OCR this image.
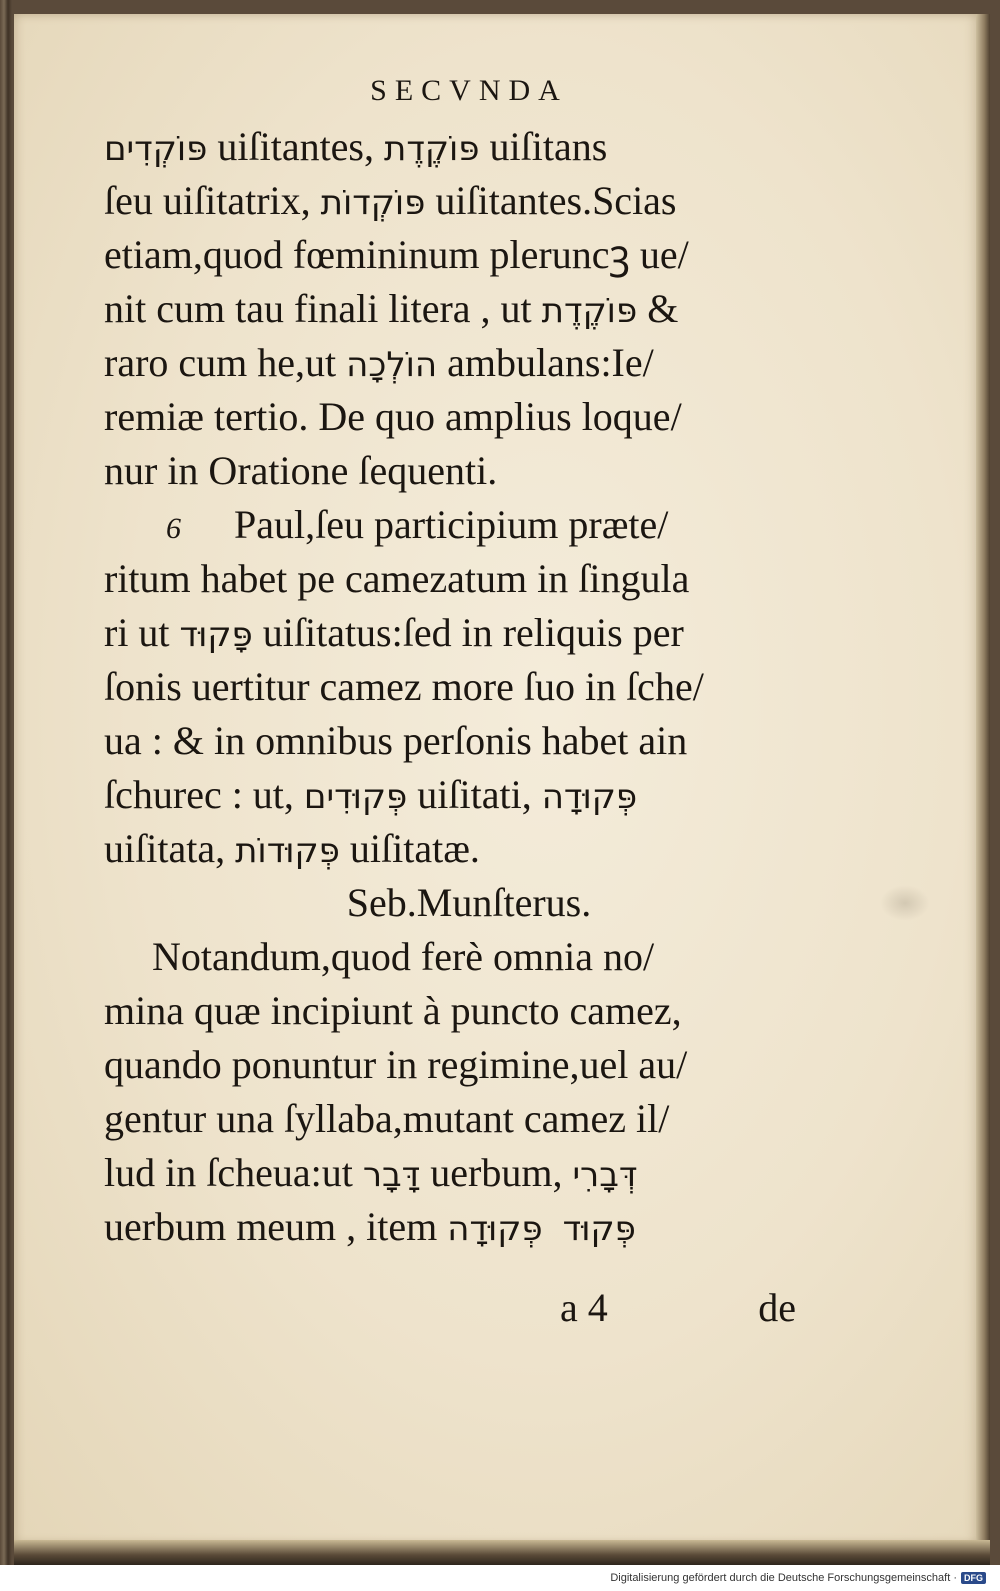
SECVNDA
פּוֹקְדִים uiſitantes, פּוֹקֶדֶת uiſitans
ſeu uiſitatrix, פּוֹקְדוֹת uiſitantes.Scias
etiam,quod fœmininum pleruncꝫ ue/
nit cum tau finali litera , ut פּוֹקֶדֶת &
raro cum he,ut הוֹלְכָה ambulans:Ie/
remiæ tertio. De quo amplius loque/
nur in Oratione ſequenti.
6 Paul,ſeu participium præte/
ritum habet pe camezatum in ſingula
ri ut פָּקוּד uiſitatus:ſed in reliquis per
ſonis uertitur camez more ſuo in ſche/
ua : & in omnibus perſonis habet ain
ſchurec : ut, פְּקוּדִים uiſitati, פְּקוּדָה
uiſitata, פְּקוּדוֹת uiſitatæ.
Seb.Munſterus.
Notandum,quod ferè omnia no/
mina quæ incipiunt à puncto camez,
quando ponuntur in regimine,uel au/
gentur una ſyllaba,mutant camez il/
lud in ſcheua:ut דָּבָר uerbum, דְּבָרִי
uerbum meum , item פְּקוּדָה פְּקוּד
a 4	de
Digitalisierung gefördert durch die Deutsche Forschungsgemeinschaft · DFG
